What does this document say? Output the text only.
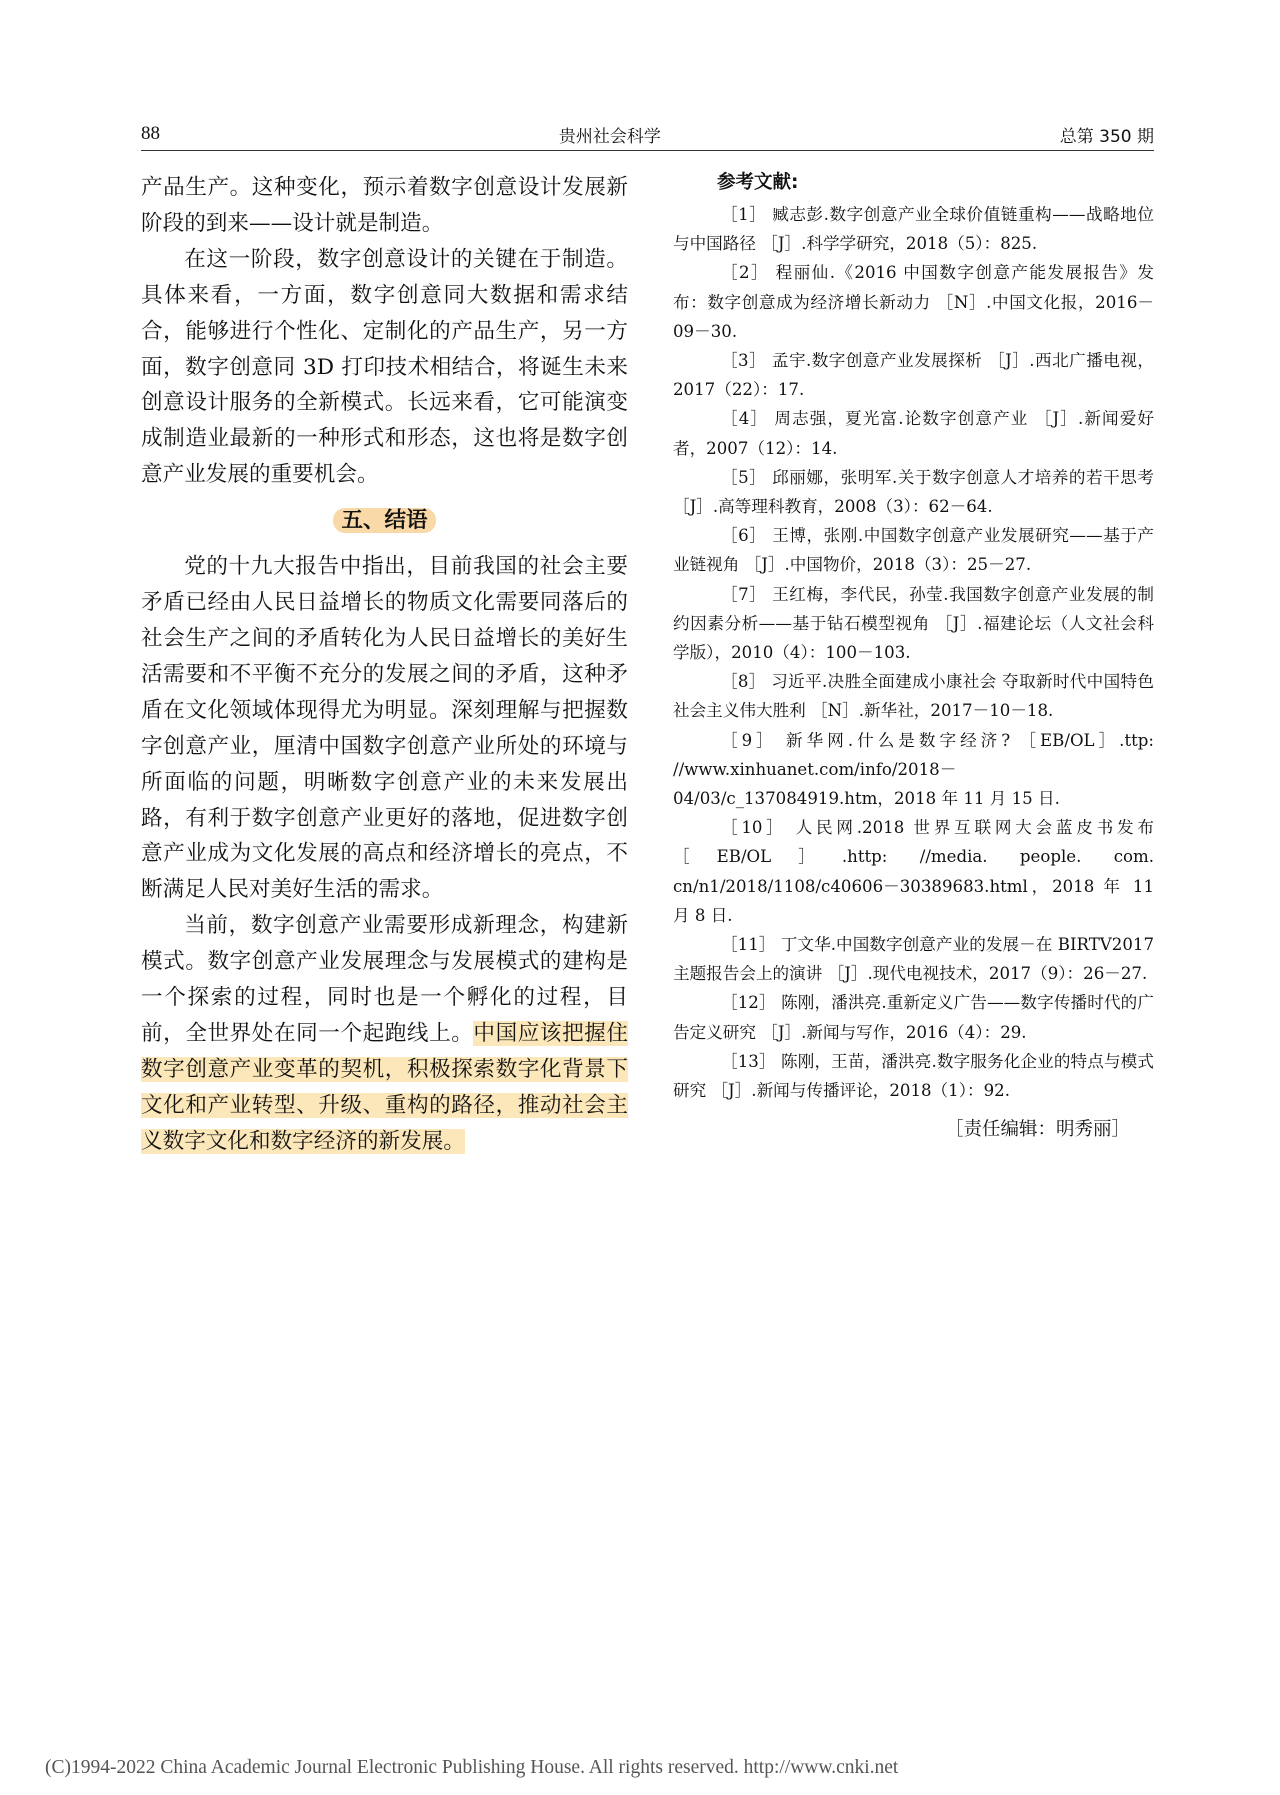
88	贵州社会科学	总第 350 期

产品生产。这种变化，预示着数字创意设计发展新阶段的到来——设计就是制造。

在这一阶段，数字创意设计的关键在于制造。具体来看，一方面，数字创意同大数据和需求结合，能够进行个性化、定制化的产品生产，另一方面，数字创意同 3D 打印技术相结合，将诞生未来创意设计服务的全新模式。长远来看，它可能演变成制造业最新的一种形式和形态，这也将是数字创意产业发展的重要机会。

五、结语

党的十九大报告中指出，目前我国的社会主要矛盾已经由人民日益增长的物质文化需要同落后的社会生产之间的矛盾转化为人民日益增长的美好生活需要和不平衡不充分的发展之间的矛盾，这种矛盾在文化领域体现得尤为明显。深刻理解与把握数字创意产业，厘清中国数字创意产业所处的环境与所面临的问题，明晰数字创意产业的未来发展出路，有利于数字创意产业更好的落地，促进数字创意产业成为文化发展的高点和经济增长的亮点，不断满足人民对美好生活的需求。

当前，数字创意产业需要形成新理念，构建新模式。数字创意产业发展理念与发展模式的建构是一个探索的过程，同时也是一个孵化的过程，目前，全世界处在同一个起跑线上。中国应该把握住数字创意产业变革的契机，积极探索数字化背景下文化和产业转型、升级、重构的路径，推动社会主义数字文化和数字经济的新发展。

参考文献:

［1］ 臧志彭.数字创意产业全球价值链重构——战略地位与中国路径 ［J］.科学学研究，2018（5）：825.

［2］ 程丽仙.《2016 中国数字创意产能发展报告》发布：数字创意成为经济增长新动力 ［N］.中国文化报，2016－09－30.

［3］ 孟宇.数字创意产业发展探析 ［J］.西北广播电视，2017（22）：17.

［4］ 周志强，夏光富.论数字创意产业 ［J］.新闻爱好者，2007（12）：14.

［5］ 邱丽娜，张明军.关于数字创意人才培养的若干思考 ［J］.高等理科教育，2008（3）：62－64.

［6］ 王博，张刚.中国数字创意产业发展研究——基于产业链视角 ［J］.中国物价，2018（3）：25－27.

［7］ 王红梅，李代民，孙莹.我国数字创意产业发展的制约因素分析——基于钻石模型视角 ［J］.福建论坛（人文社会科学版），2010（4）：100－103.

［8］ 习近平.决胜全面建成小康社会 夺取新时代中国特色社会主义伟大胜利 ［N］.新华社，2017－10－18.

［9］ 新华网.什么是数字经济? ［EB/OL］.ttp: //www.xinhuanet.com/info/2018－04/03/c_137084919.htm，2018 年 11 月 15 日.

［10］ 人民网.2018 世界互联网大会蓝皮书发布 ［EB/OL］.http: //media. people. com. cn/n1/2018/1108/c40606－30389683.html，2018 年 11 月 8 日.

［11］ 丁文华.中国数字创意产业的发展－在 BIRTV2017 主题报告会上的演讲 ［J］.现代电视技术，2017（9）：26－27.

［12］ 陈刚，潘洪亮.重新定义广告——数字传播时代的广告定义研究 ［J］.新闻与写作，2016（4）：29.

［13］ 陈刚，王苗，潘洪亮.数字服务化企业的特点与模式研究 ［J］.新闻与传播评论，2018（1）：92.

［责任编辑：明秀丽］
(C)1994-2022 China Academic Journal Electronic Publishing House. All rights reserved. http://www.cnki.net
